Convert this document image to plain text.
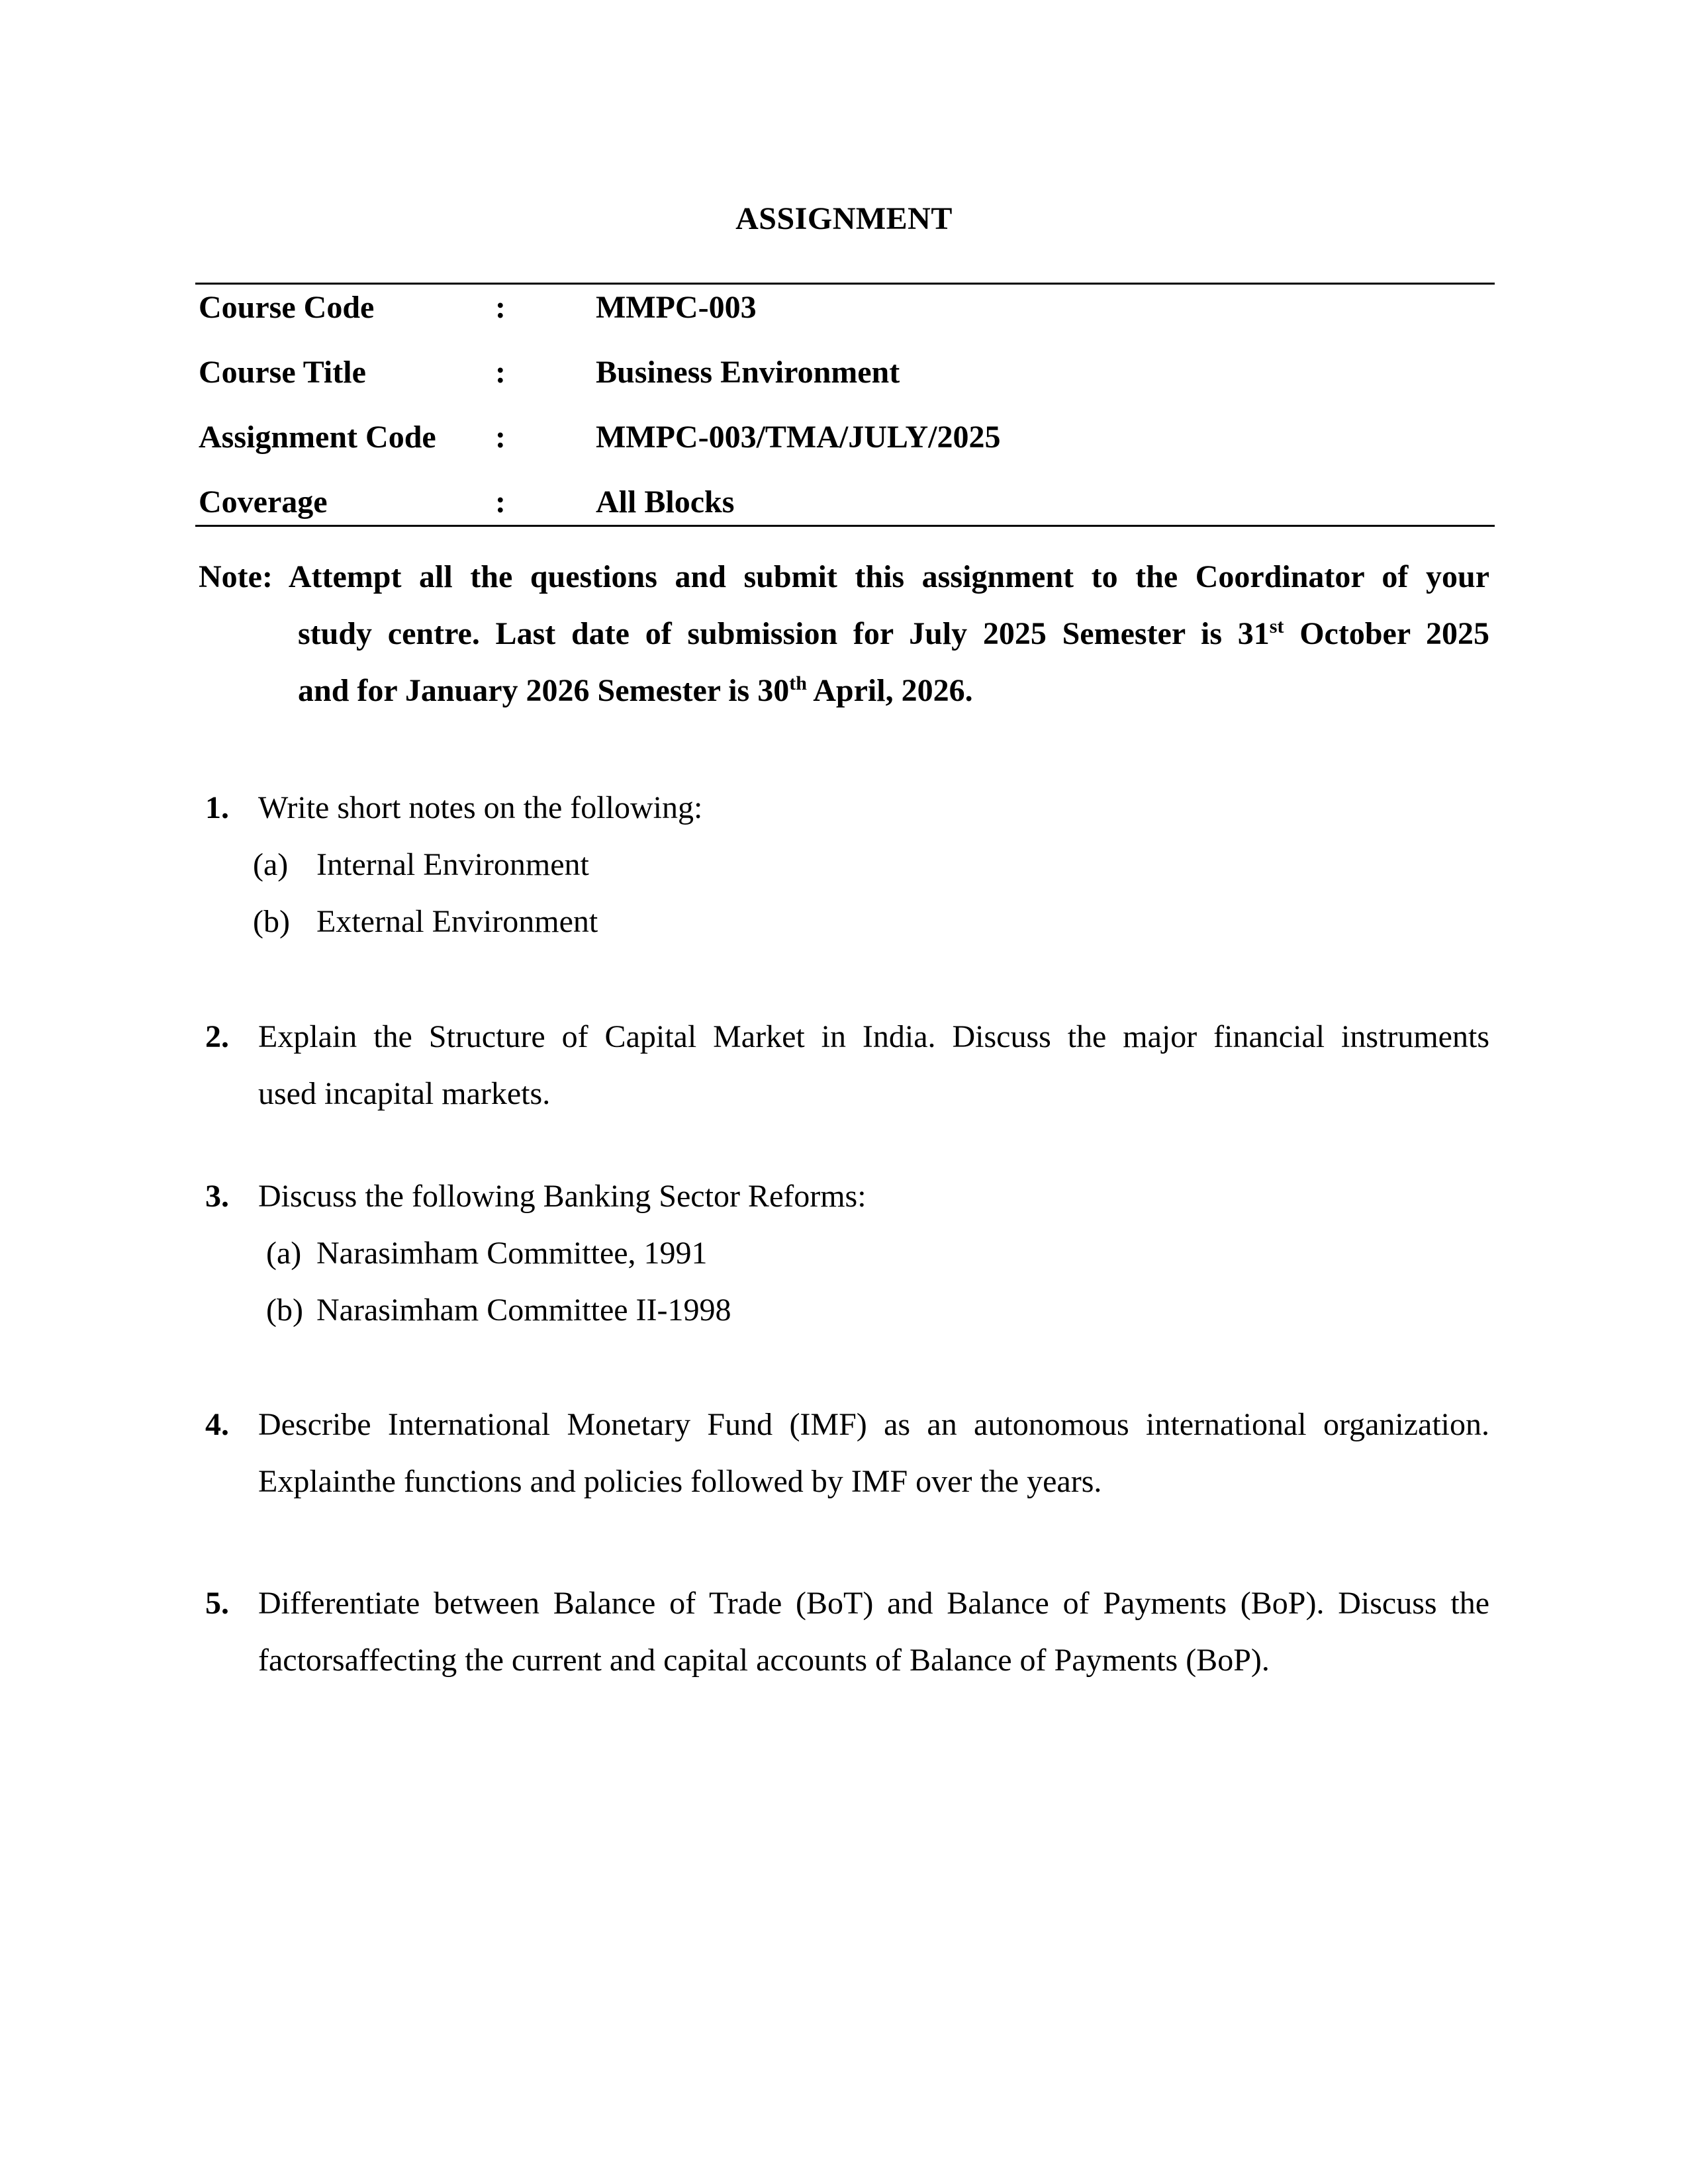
ASSIGNMENT
Course Code	:	MMPC-003
Course Title	:	Business Environment
Assignment Code :	MMPC-003/TMA/JULY/2025
Coverage	:	All Blocks
Note: Attempt all the questions and submit this assignment to the Coordinator of your
study centre. Last date of submission for July 2025 Semester is 31st October 2025
and for January 2026 Semester is 30th April, 2026.
1. Write short notes on the following:
(a) Internal Environment
(b) External Environment
2. Explain the Structure of Capital Market in India. Discuss the major financial instruments
used incapital markets.
3. Discuss the following Banking Sector Reforms:
(a) Narasimham Committee, 1991
(b) Narasimham Committee II-1998
4. Describe International Monetary Fund (IMF) as an autonomous international organization.
Explainthe functions and policies followed by IMF over the years.
5. Differentiate between Balance of Trade (BoT) and Balance of Payments (BoP). Discuss the
factorsaffecting the current and capital accounts of Balance of Payments (BoP).
